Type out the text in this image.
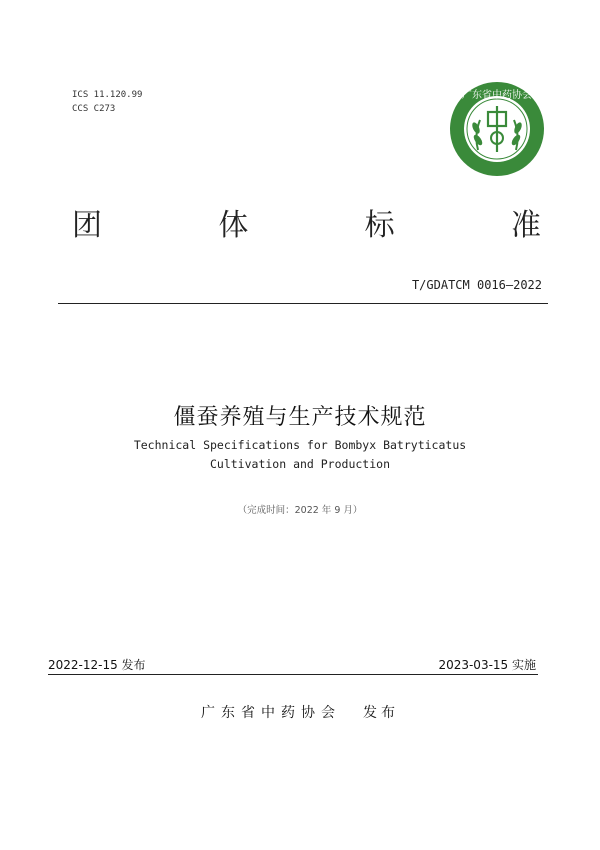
ICS 11.120.99
CCS C273
广东省中药协会
团	体	标	准
T/GDATCM 0016—2022
僵蚕养殖与生产技术规范
Technical Specifications for Bombyx Batryticatus
Cultivation and Production
（完成时间：2022 年 9 月）
2022-12-15 发布	2023-03-15 实施
广东省中药协会 发布
